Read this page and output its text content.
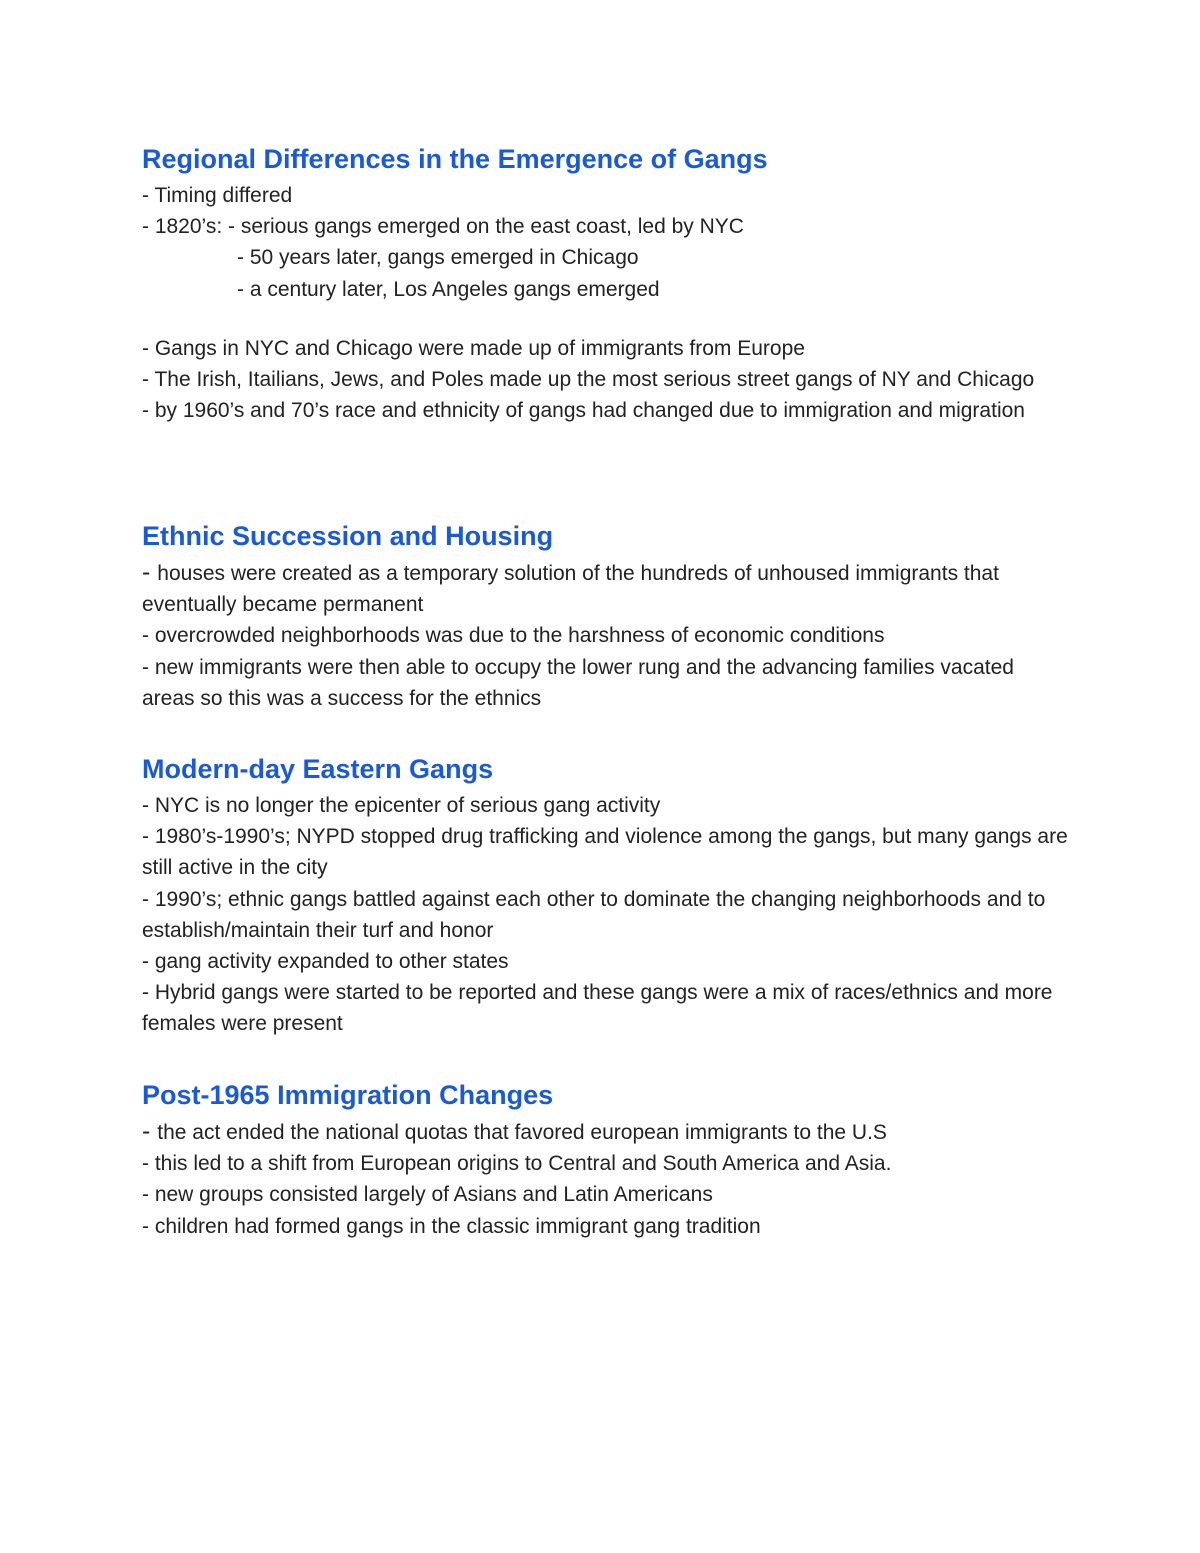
Regional Differences in the Emergence of Gangs

- Timing differed

- 1820’s: - serious gangs emerged on the east coast, led by NYC

- 50 years later, gangs emerged in Chicago

- a century later, Los Angeles gangs emerged

- Gangs in NYC and Chicago were made up of immigrants from Europe

- The Irish, Itailians, Jews, and Poles made up the most serious street gangs of NY and Chicago

- by 1960’s and 70’s race and ethnicity of gangs had changed due to immigration and migration

Ethnic Succession and Housing

- houses were created as a temporary solution of the hundreds of unhoused immigrants that eventually became permanent

- overcrowded neighborhoods was due to the harshness of economic conditions

- new immigrants were then able to occupy the lower rung and the advancing families vacated areas so this was a success for the ethnics

Modern-day Eastern Gangs

- NYC is no longer the epicenter of serious gang activity

- 1980’s-1990’s; NYPD stopped drug trafficking and violence among the gangs, but many gangs are still active in the city

- 1990’s; ethnic gangs battled against each other to dominate the changing neighborhoods and to establish/maintain their turf and honor

- gang activity expanded to other states

- Hybrid gangs were started to be reported and these gangs were a mix of races/ethnics and more females were present

Post-1965 Immigration Changes

- the act ended the national quotas that favored european immigrants to the U.S

- this led to a shift from European origins to Central and South America and Asia.

- new groups consisted largely of Asians and Latin Americans

- children had formed gangs in the classic immigrant gang tradition
